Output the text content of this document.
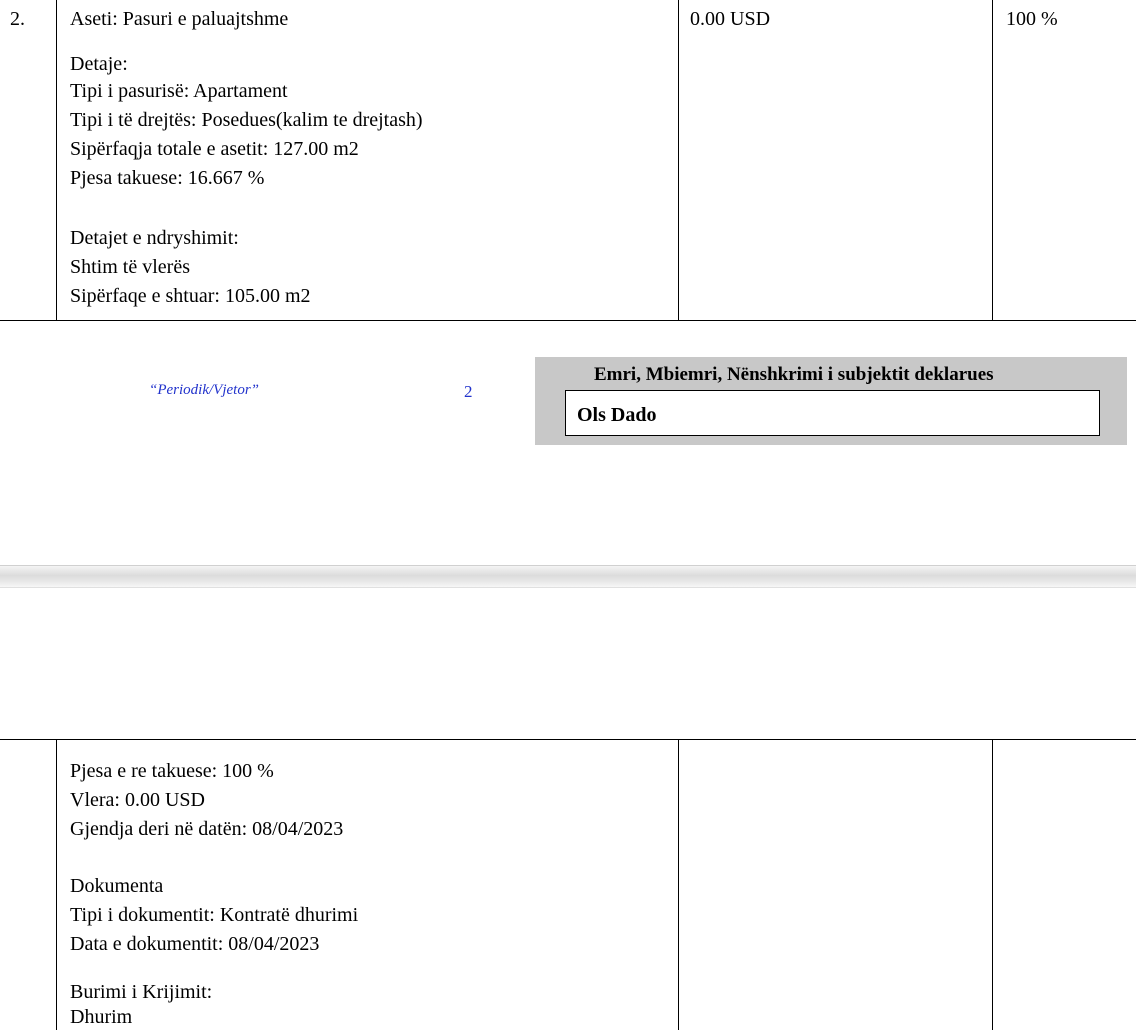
2. Aseti: Pasuri e paluajtshme
Detaje:
Tipi i pasurisë: Apartament
Tipi i të drejtës: Posedues(kalim te drejtash)
Sipërfaqja totale e asetit: 127.00 m2
Pjesa takuese: 16.667 %
Detajet e ndryshimit:
Shtim të vlerës
Sipërfaqe e shtuar: 105.00 m2
0.00 USD	100 %
“Periodik/Vjetor”	2
Emri, Mbiemri, Nënshkrimi i subjektit deklarues
Ols Dado
Pjesa e re takuese: 100 %
Vlera: 0.00 USD
Gjendja deri në datën: 08/04/2023
Dokumenta
Tipi i dokumentit: Kontratë dhurimi
Data e dokumentit: 08/04/2023
Burimi i Krijimit:
Dhurim
